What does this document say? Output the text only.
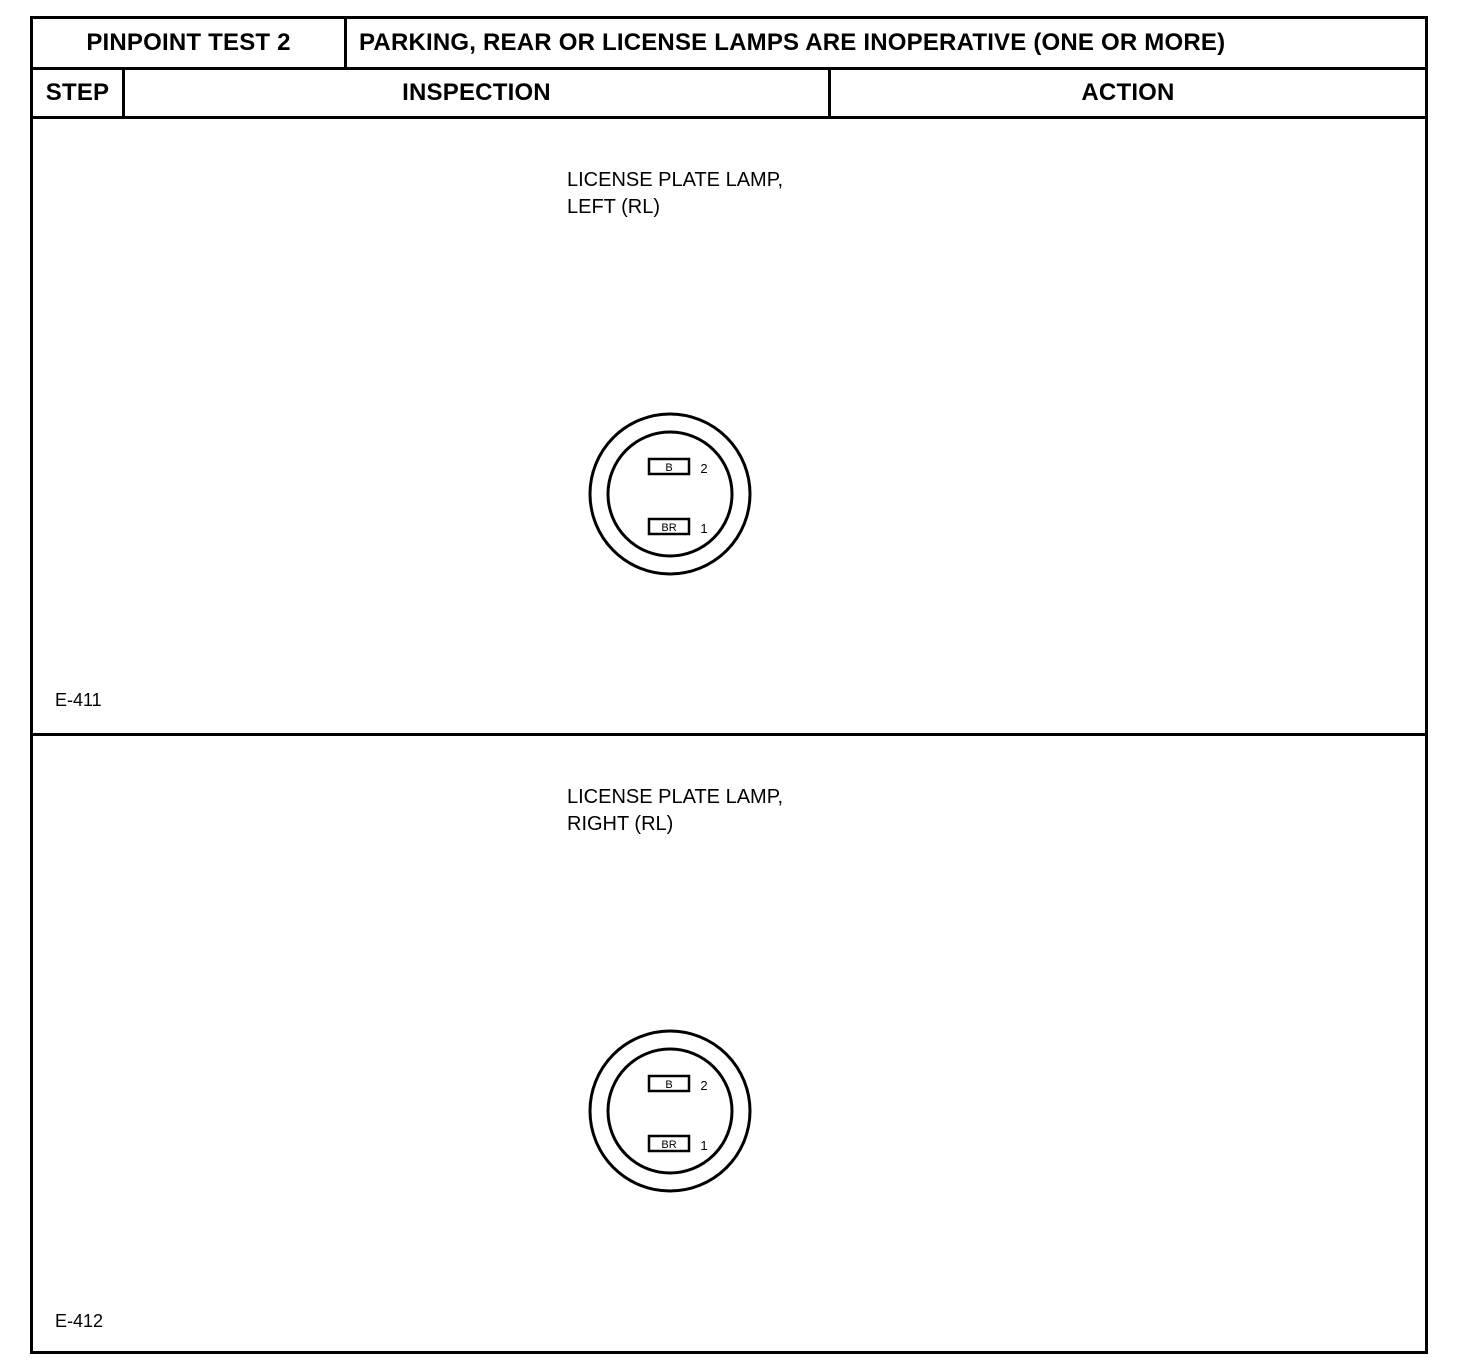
PINPOINT TEST 2	PARKING, REAR OR LICENSE LAMPS ARE INOPERATIVE (ONE OR MORE)
STEP	INSPECTION	ACTION
LICENSE PLATE LAMP,
LEFT (RL)
B 2
BR 1
E-411
LICENSE PLATE LAMP,
RIGHT (RL)
B 2
BR 1
E-412
